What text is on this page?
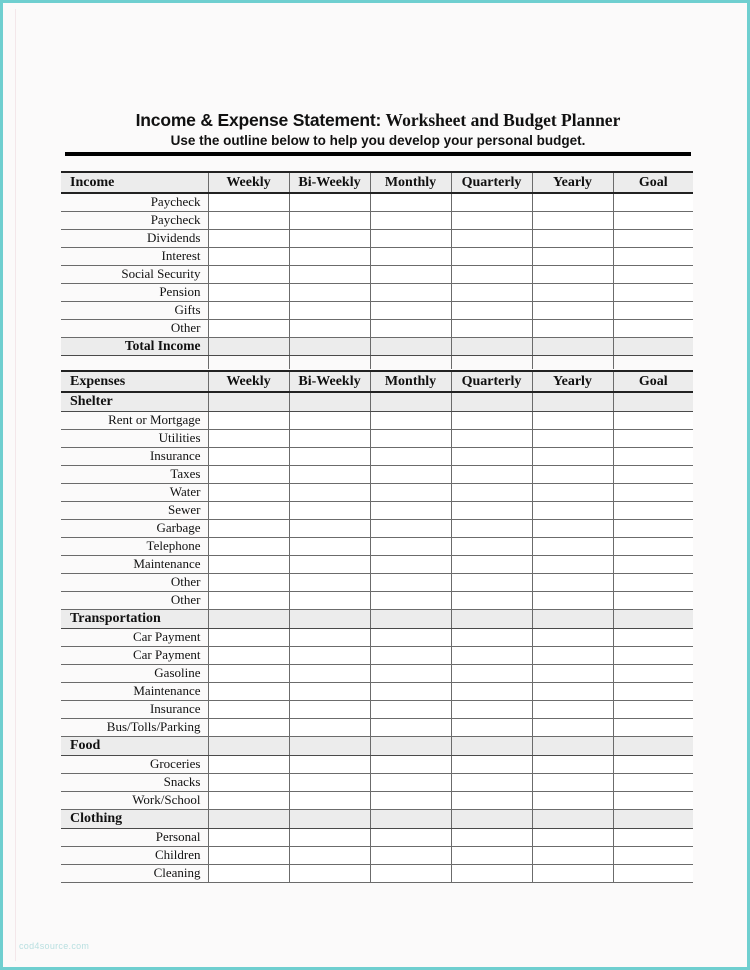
Income & Expense Statement: Worksheet and Budget Planner
Use the outline below to help you develop your personal budget.
Income	Weekly	Bi-Weekly	Monthly	Quarterly	Yearly	Goal
Paycheck						
Paycheck						
Dividends						
Interest						
Social Security						
Pension						
Gifts						
Other						
Total Income						

Expenses	Weekly	Bi-Weekly	Monthly	Quarterly	Yearly	Goal
Shelter						
Rent or Mortgage						
Utilities						
Insurance						
Taxes						
Water						
Sewer						
Garbage						
Telephone						
Maintenance						
Other						
Other						
Transportation						
Car Payment						
Car Payment						
Gasoline						
Maintenance						
Insurance						
Bus/Tolls/Parking						
Food						
Groceries						
Snacks						
Work/School						
Clothing						
Personal						
Children						
Cleaning						
cod4source.com
